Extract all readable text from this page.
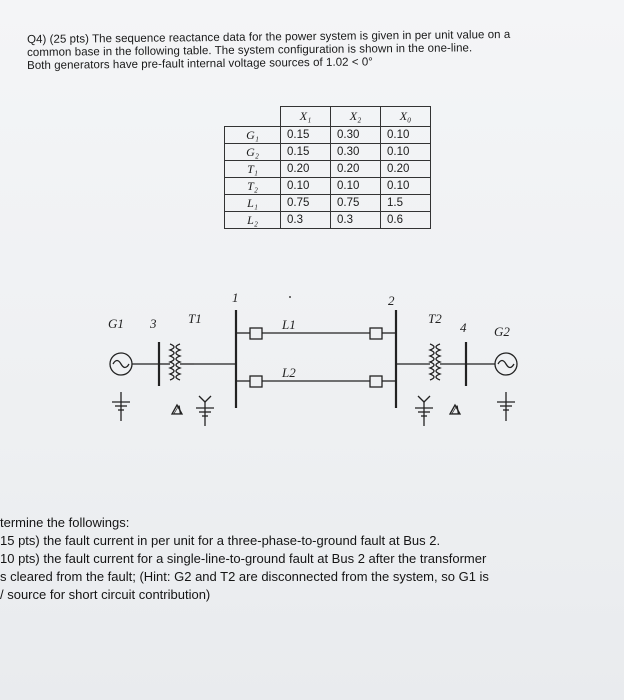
Q4) (25 pts) The sequence reactance data for the power system is given in per unit value on a
common base in the following table. The system configuration is shown in the one-line.
Both generators have pre-fault internal voltage sources of 1.02 < 0°
	X₁	X₂	X₀
G₁	0.15	0.30	0.10
G₂	0.15	0.30	0.10
T₁	0.20	0.20	0.20
T₂	0.10	0.10	0.10
L₁	0.75	0.75	1.5
L₂	0.3	0.3	0.6
G1 3 T1
1
L1
L2
2
T2
4 G2
Δ	Δ
termine the followings:
15 pts) the fault current in per unit for a three-phase-to-ground fault at Bus 2.
10 pts) the fault current for a single-line-to-ground fault at Bus 2 after the transformer
s cleared from the fault; (Hint: G2 and T2 are disconnected from the system, so G1 is
/ source for short circuit contribution)
